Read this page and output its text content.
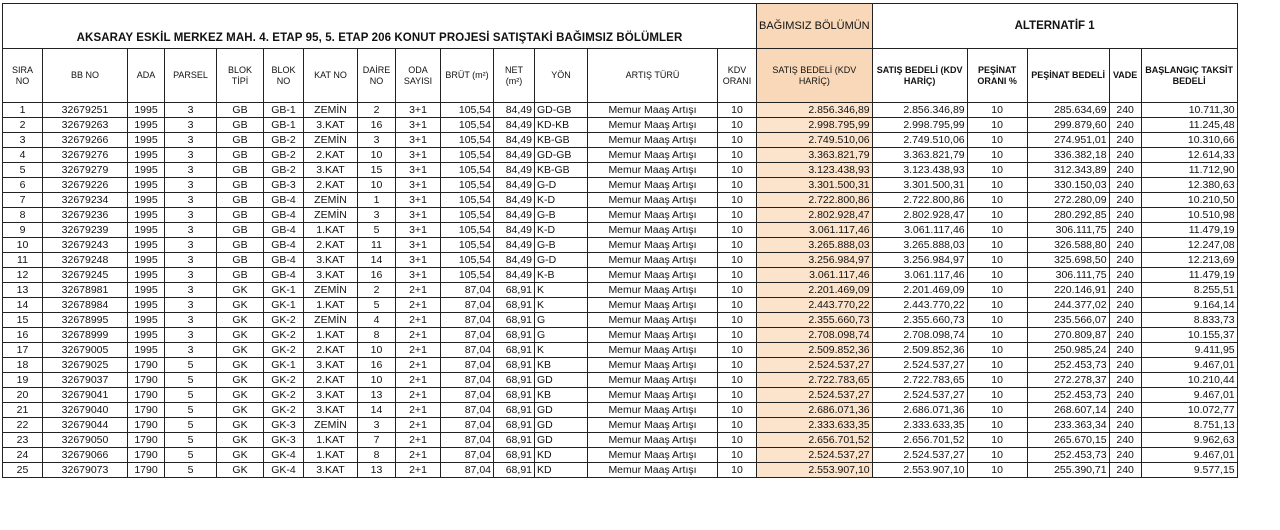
AKSARAY ESKİL MERKEZ MAH. 4. ETAP 95, 5. ETAP 206 KONUT PROJESİ SATIŞTAKİ BAĞIMSIZ BÖLÜMLER														BAĞIMSIZ BÖLÜMÜN	ALTERNATİF 1				
SIRA NO	BB NO	ADA	PARSEL	BLOK TİPİ	BLOK NO	KAT NO	DAİRE NO	ODA SAYISI	BRÜT (m²)	NET (m²)	YÖN	ARTIŞ TÜRÜ	KDV ORANI	SATIŞ BEDELİ (KDV HARİÇ)	SATIŞ BEDELİ (KDV HARİÇ)	PEŞİNAT ORANI %	PEŞİNAT BEDELİ	VADE	BAŞLANGIÇ TAKSİT BEDELİ
1	32679251	1995	3	GB	GB-1	ZEMİN	2	3+1	105,54	84,49	GD-GB	Memur Maaş Artışı	10	2.856.346,89	2.856.346,89	10	285.634,69	240	10.711,30
2	32679263	1995	3	GB	GB-1	3.KAT	16	3+1	105,54	84,49	KD-KB	Memur Maaş Artışı	10	2.998.795,99	2.998.795,99	10	299.879,60	240	11.245,48
3	32679266	1995	3	GB	GB-2	ZEMİN	3	3+1	105,54	84,49	KB-GB	Memur Maaş Artışı	10	2.749.510,06	2.749.510,06	10	274.951,01	240	10.310,66
4	32679276	1995	3	GB	GB-2	2.KAT	10	3+1	105,54	84,49	GD-GB	Memur Maaş Artışı	10	3.363.821,79	3.363.821,79	10	336.382,18	240	12.614,33
5	32679279	1995	3	GB	GB-2	3.KAT	15	3+1	105,54	84,49	KB-GB	Memur Maaş Artışı	10	3.123.438,93	3.123.438,93	10	312.343,89	240	11.712,90
6	32679226	1995	3	GB	GB-3	2.KAT	10	3+1	105,54	84,49	G-D	Memur Maaş Artışı	10	3.301.500,31	3.301.500,31	10	330.150,03	240	12.380,63
7	32679234	1995	3	GB	GB-4	ZEMİN	1	3+1	105,54	84,49	K-D	Memur Maaş Artışı	10	2.722.800,86	2.722.800,86	10	272.280,09	240	10.210,50
8	32679236	1995	3	GB	GB-4	ZEMİN	3	3+1	105,54	84,49	G-B	Memur Maaş Artışı	10	2.802.928,47	2.802.928,47	10	280.292,85	240	10.510,98
9	32679239	1995	3	GB	GB-4	1.KAT	5	3+1	105,54	84,49	K-D	Memur Maaş Artışı	10	3.061.117,46	3.061.117,46	10	306.111,75	240	11.479,19
10	32679243	1995	3	GB	GB-4	2.KAT	11	3+1	105,54	84,49	G-B	Memur Maaş Artışı	10	3.265.888,03	3.265.888,03	10	326.588,80	240	12.247,08
11	32679248	1995	3	GB	GB-4	3.KAT	14	3+1	105,54	84,49	G-D	Memur Maaş Artışı	10	3.256.984,97	3.256.984,97	10	325.698,50	240	12.213,69
12	32679245	1995	3	GB	GB-4	3.KAT	16	3+1	105,54	84,49	K-B	Memur Maaş Artışı	10	3.061.117,46	3.061.117,46	10	306.111,75	240	11.479,19
13	32678981	1995	3	GK	GK-1	ZEMİN	2	2+1	87,04	68,91	K	Memur Maaş Artışı	10	2.201.469,09	2.201.469,09	10	220.146,91	240	8.255,51
14	32678984	1995	3	GK	GK-1	1.KAT	5	2+1	87,04	68,91	K	Memur Maaş Artışı	10	2.443.770,22	2.443.770,22	10	244.377,02	240	9.164,14
15	32678995	1995	3	GK	GK-2	ZEMİN	4	2+1	87,04	68,91	G	Memur Maaş Artışı	10	2.355.660,73	2.355.660,73	10	235.566,07	240	8.833,73
16	32678999	1995	3	GK	GK-2	1.KAT	8	2+1	87,04	68,91	G	Memur Maaş Artışı	10	2.708.098,74	2.708.098,74	10	270.809,87	240	10.155,37
17	32679005	1995	3	GK	GK-2	2.KAT	10	2+1	87,04	68,91	K	Memur Maaş Artışı	10	2.509.852,36	2.509.852,36	10	250.985,24	240	9.411,95
18	32679025	1790	5	GK	GK-1	3.KAT	16	2+1	87,04	68,91	KB	Memur Maaş Artışı	10	2.524.537,27	2.524.537,27	10	252.453,73	240	9.467,01
19	32679037	1790	5	GK	GK-2	2.KAT	10	2+1	87,04	68,91	GD	Memur Maaş Artışı	10	2.722.783,65	2.722.783,65	10	272.278,37	240	10.210,44
20	32679041	1790	5	GK	GK-2	3.KAT	13	2+1	87,04	68,91	KB	Memur Maaş Artışı	10	2.524.537,27	2.524.537,27	10	252.453,73	240	9.467,01
21	32679040	1790	5	GK	GK-2	3.KAT	14	2+1	87,04	68,91	GD	Memur Maaş Artışı	10	2.686.071,36	2.686.071,36	10	268.607,14	240	10.072,77
22	32679044	1790	5	GK	GK-3	ZEMİN	3	2+1	87,04	68,91	GD	Memur Maaş Artışı	10	2.333.633,35	2.333.633,35	10	233.363,34	240	8.751,13
23	32679050	1790	5	GK	GK-3	1.KAT	7	2+1	87,04	68,91	GD	Memur Maaş Artışı	10	2.656.701,52	2.656.701,52	10	265.670,15	240	9.962,63
24	32679066	1790	5	GK	GK-4	1.KAT	8	2+1	87,04	68,91	KD	Memur Maaş Artışı	10	2.524.537,27	2.524.537,27	10	252.453,73	240	9.467,01
25	32679073	1790	5	GK	GK-4	3.KAT	13	2+1	87,04	68,91	KD	Memur Maaş Artışı	10	2.553.907,10	2.553.907,10	10	255.390,71	240	9.577,15
